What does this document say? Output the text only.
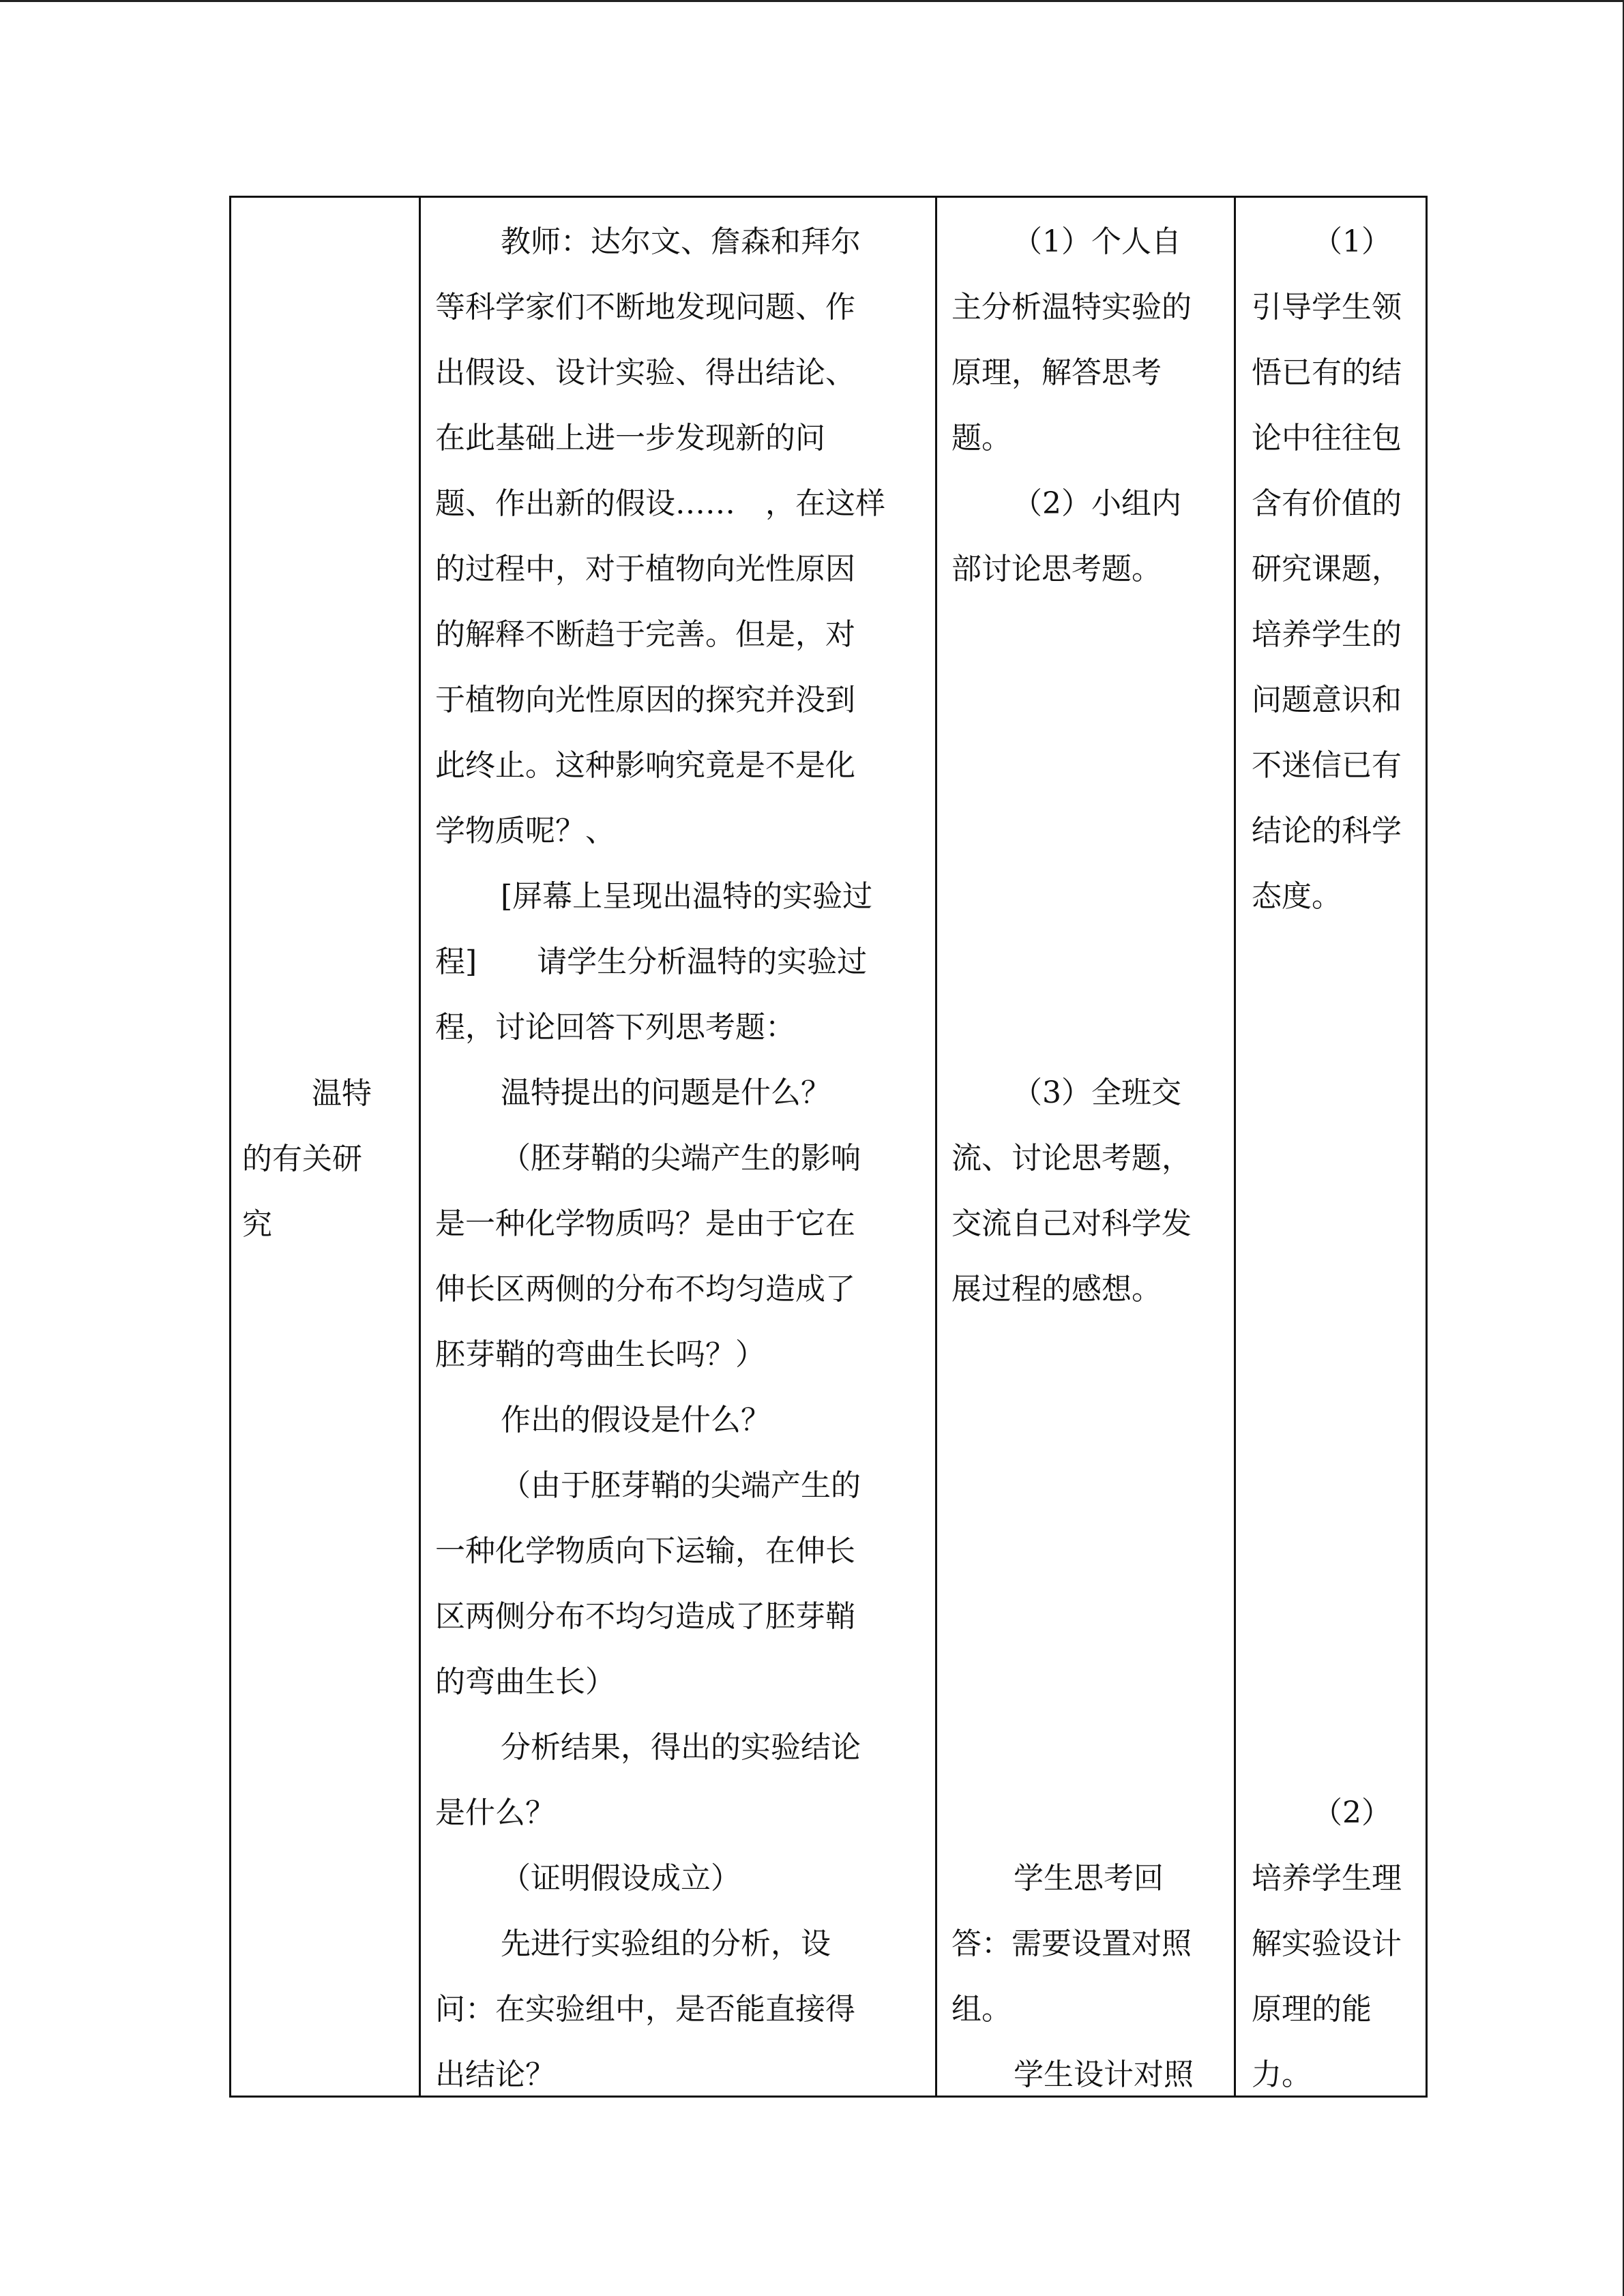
温特
的有关研
究
教师：达尔文、詹森和拜尔
等科学家们不断地发现问题、作
出假设、设计实验、得出结论、
在此基础上进一步发现新的问
题、作出新的假设……　，在这样
的过程中，对于植物向光性原因
的解释不断趋于完善。但是，对
于植物向光性原因的探究并没到
此终止。这种影响究竟是不是化
学物质呢？、
[屏幕上呈现出温特的实验过
程]　　请学生分析温特的实验过
程，讨论回答下列思考题：
温特提出的问题是什么？
（胚芽鞘的尖端产生的影响
是一种化学物质吗？是由于它在
伸长区两侧的分布不均匀造成了
胚芽鞘的弯曲生长吗？）
作出的假设是什么？
（由于胚芽鞘的尖端产生的
一种化学物质向下运输，在伸长
区两侧分布不均匀造成了胚芽鞘
的弯曲生长）
分析结果，得出的实验结论
是什么？
（证明假设成立）
先进行实验组的分析，设
问：在实验组中，是否能直接得
出结论？
（1）个人自
主分析温特实验的
原理，解答思考
题。
（2）小组内
部讨论思考题。
（3）全班交
流、讨论思考题，
交流自己对科学发
展过程的感想。
学生思考回
答：需要设置对照
组。
学生设计对照
（1）
引导学生领
悟已有的结
论中往往包
含有价值的
研究课题，
培养学生的
问题意识和
不迷信已有
结论的科学
态度。
（2）
培养学生理
解实验设计
原理的能
力。
